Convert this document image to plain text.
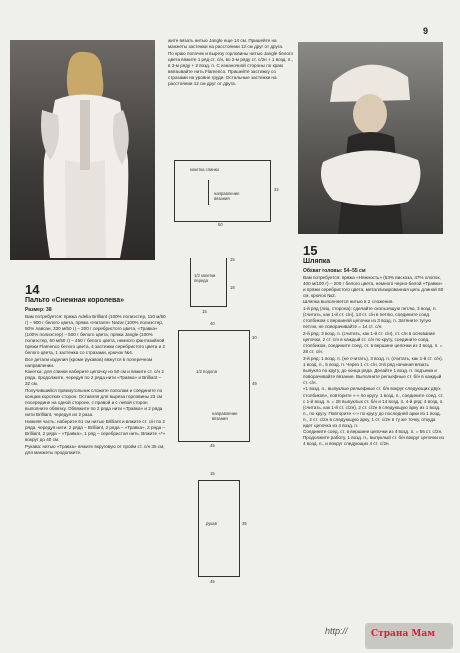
9
14
Пальто «Снежная королева»

Размер: 38

Вам потребуется: пряжа Adelia Brilliant (100% полиэстер, 110 м/50 г) – 900 г белого цвета, пряжа «Наталя» Nazar (100% полиэстер, 50% лавсан, 330 м/50 г) – 200 г серебристого цвета, «Травка» (100% полиэстер) – 500 г белого цвета, пряжа Jangle (100% полиэстер, 60 м/50 г) – 450 г белого цвета, немного фантазийной пряжи Flamenco белого цвета, 4 застежки серебристого цвета и 2 белого цвета, 1 застежка со стразами, крючок №4.

Все детали изделия (кроме рукавов) вяжутся в поперечном направлении.

Кокетка: для спинки наберите цепочку из 50 см и вяжите ст. с/н 2 ряда, продолжите, чередуя по 2 ряда нити «Травка» и Brilliant – 32 см.

Получившийся прямоугольник сложите пополам и соедините по концам коротких сторон. Оставляя для выреза горловины 23 см посередине на одной стороне, с правой и с левой сторон выполните обвязку. Обвяжите по 2 ряда нити «Травка» и 2 ряда нити Brilliant, чередуя их 2 раза.

Нижняя часть: наберите 61 см нитью Brilliant и вяжите ст. с/н по 2 ряда, чередуя нити: 2 ряда – Brilliant, 2 ряда – «Травка», 2 ряда – Brilliant, 2 ряда – «Травка», 1 ряд – серебристая нить. Вяжите «*» вокруг до 40 см.

Рукава: нитью «Травка» вяжите вкруговую от пройм ст. с/н 35 см, для манжеты продолжите.

жите вязать нитью Jangle еще 14 см. Пришейте на манжеты застежки на расстоянии 12 см друг от друга.

По краю полочек и вырезу горловины нитью Jangle белого цвета вяжите 1 ряд ст. с/н, во 2-м ряду ст. с/2н + 1 возд. п., в 3-м ряду + 2 возд. п. С изнаночной стороны по краю ввязывайте нить Flamenco. Пришейте застежку со стразами на уровне груди. Остальные застежки на расстоянии 12 см друг от друга.

кокетка спинки
направление вязания
50
32
1/2 кокетки переда
15
18
15
40
1/2 подола
направление вязания
10
49
45
рукав
15
35
45
15
Шляпка

Обхват головы: 54–55 см

Вам потребуется: пряжа «Нежность» (53% вискоза, 47% хлопок, 400 м/100 г) – 200 г белого цвета, немного черно-белой «Травки» и пряжи серебристого цвета, металлизированная цепь длиной 60 см, крючок №2.

Шляпка выполняется нитью в 2 сложения.

1-й ряд (лиц. сторона): сделайте скользящую петлю, 3 возд. п. (считать, как 1-й ст. с/н), 13 ст. с/н в петлю, соедините соед. столбиком с вершиной цепочки из 3 возд. п. Затяните тугую петлю, не поворачивайте = 14 ст. с/н.

2-й ряд: 3 возд. п. (считать, как 1-й ст. с/н), ст. с/н в основание цепочки, 2 ст. с/н в каждый ст. с/н по кругу, соедините соед. столбиком, соедините соед. ст. в вершине цепочки из 3 возд. п. = 28 ст. с/н.

3-й ряд: 1 возд. п. (не считать), 3 возд. п. (считать, как 1-й ст. с/н), 1 возд. п., 5 возд. п. Через 1 ст. с/н, 3-й ряд начиная вязать выпукло по кругу, до конца ряда. Делайте 1 возд. п. подъема и поворачивайте вязание. Выполните рельефные ст. б/н в каждый ст. с/н.

«1 возд. п., выпуклые рельефные ст. б/н вокруг следующих двух столбиков», повторите «-» по кругу. 1 возд. п., соедините соед. ст. с 1-й возд. п. = 28 выпуклых ст. б/н и 14 возд. п. 4-й ряд: 4 возд. п. (считать, как 1-й ст. с/2н), 2 ст. с/2н в следующую арку из 1 возд. п., по кругу. Повторите «-» по кругу до последней арки из 1 возд. п., 2 ст. с/2н в следующую арку, 1 ст. с/2н в ту же точку, откуда идет цепочка из 4 возд. п.

Соедините соед. ст. в вершине цепочки из 4 возд. п. = 56 ст. с/2н. Продолжите работу, 1 возд. п., выпуклый ст. б/н вокруг цепочки из 4 возд. п., и вокруг следующих 4 ст. с/2н.

http://	Страна Мам
